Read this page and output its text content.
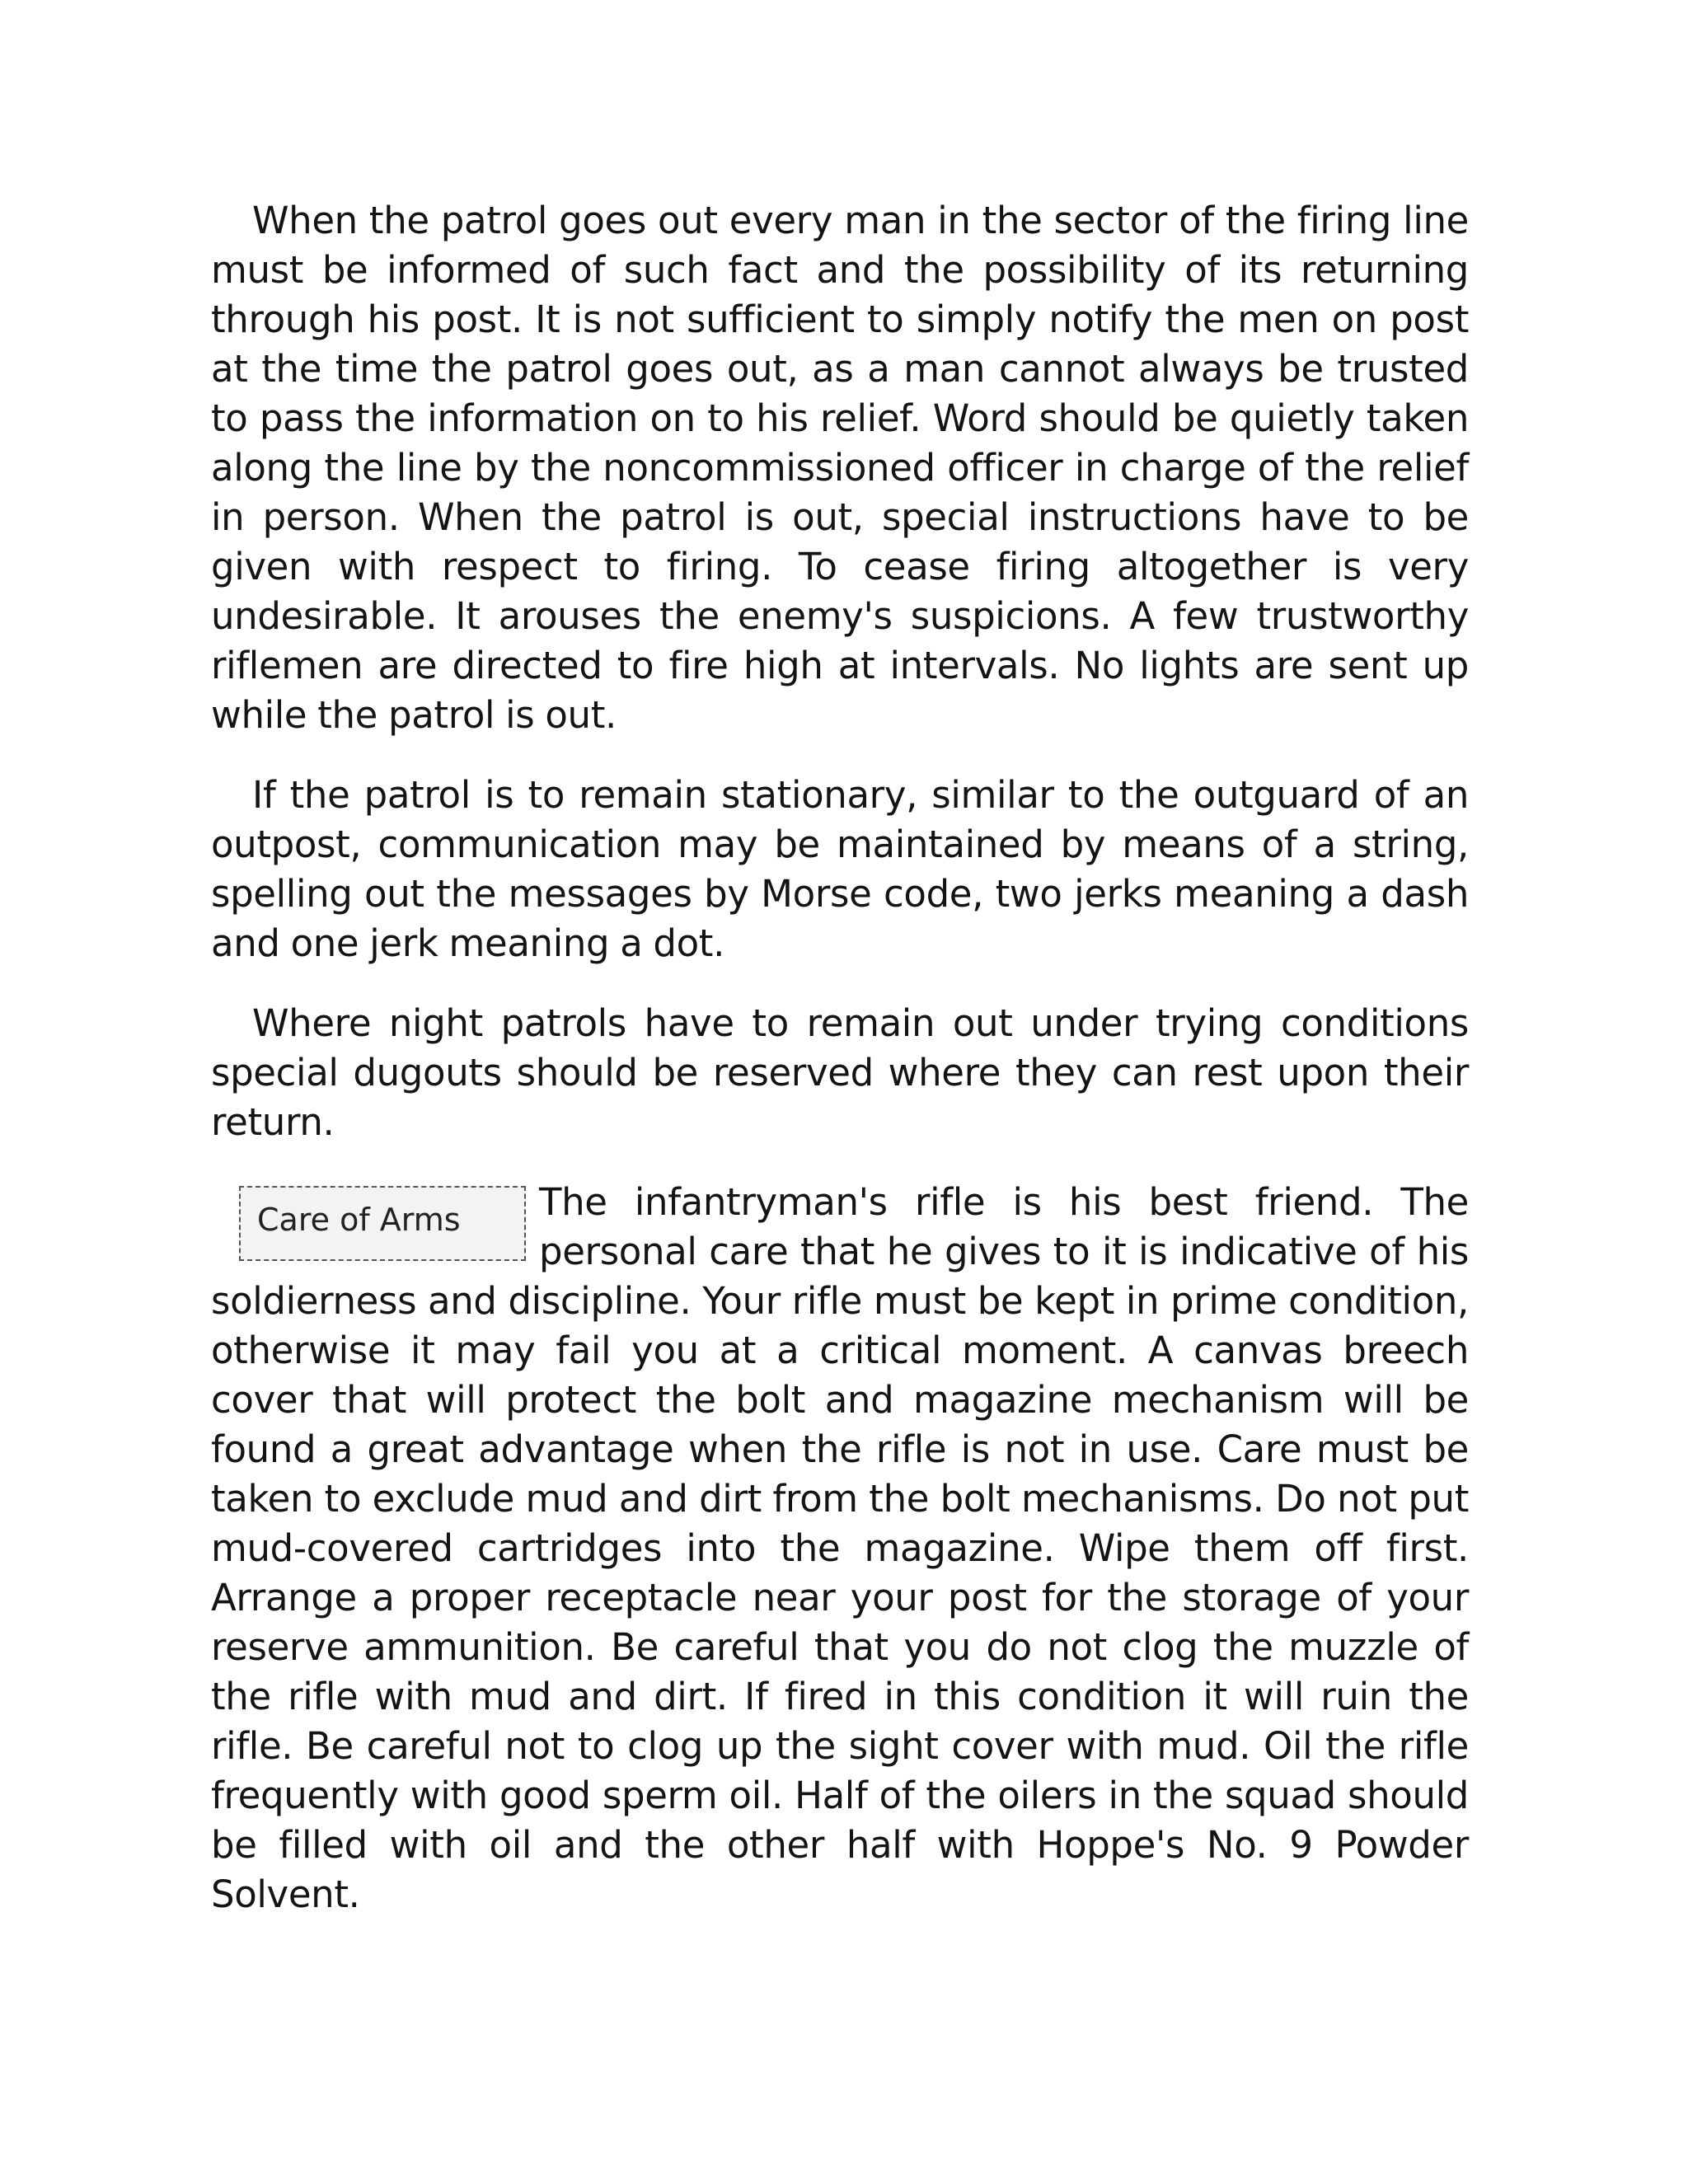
When the patrol goes out every man in the sector of the firing line must be informed of such fact and the possibility of its returning through his post. It is not sufficient to simply notify the men on post at the time the patrol goes out, as a man cannot always be trusted to pass the information on to his relief. Word should be quietly taken along the line by the noncommissioned officer in charge of the relief in person. When the patrol is out, special instructions have to be given with respect to firing. To cease firing altogether is very undesirable. It arouses the enemy's suspicions. A few trustworthy riflemen are directed to fire high at intervals. No lights are sent up while the patrol is out.

If the patrol is to remain stationary, similar to the outguard of an outpost, communication may be maintained by means of a string, spelling out the messages by Morse code, two jerks meaning a dash and one jerk meaning a dot.

Where night patrols have to remain out under trying conditions special dugouts should be reserved where they can rest upon their return.

Care of Arms	The infantryman's rifle is his best friend. The personal care that he gives to it is indicative of his soldierness and discipline. Your rifle must be kept in prime condition, otherwise it may fail you at a critical moment. A canvas breech cover that will protect the bolt and magazine mechanism will be found a great advantage when the rifle is not in use. Care must be taken to exclude mud and dirt from the bolt mechanisms. Do not put mud-covered cartridges into the magazine. Wipe them off first. Arrange a proper receptacle near your post for the storage of your reserve ammunition. Be careful that you do not clog the muzzle of the rifle with mud and dirt. If fired in this condition it will ruin the rifle. Be careful not to clog up the sight cover with mud. Oil the rifle frequently with good sperm oil. Half of the oilers in the squad should be filled with oil and the other half with Hoppe's No. 9 Powder Solvent.
